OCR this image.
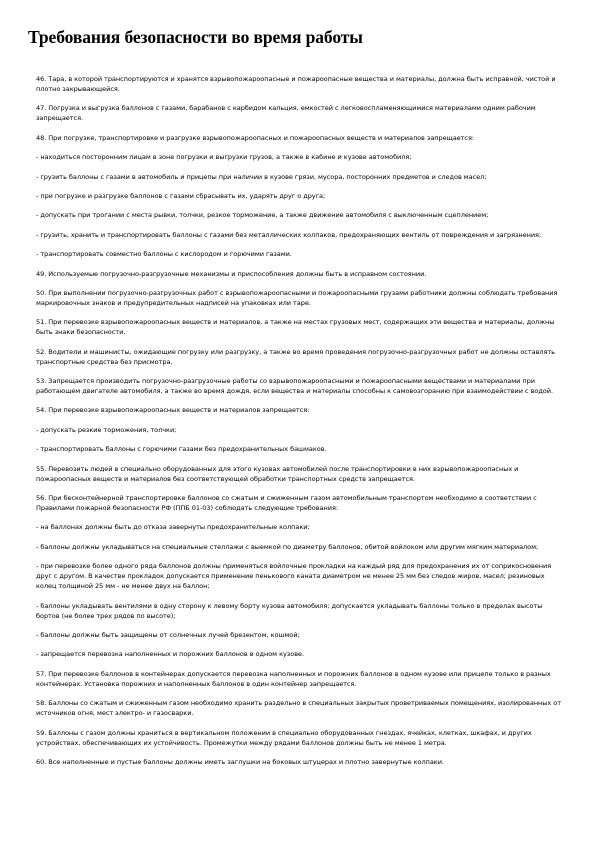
Требования безопасности во время работы

46. Тара, в которой транспортируются и хранятся взрывопожароопасные и пожароопасные вещества и материалы, должна быть исправной, чистой и плотно закрывающейся.

47. Погрузка и выгрузка баллонов с газами, барабанов с карбидом кальция, емкостей с легковоспламеняющимися материалами одним рабочим запрещается.

48. При погрузке, транспортировке и разгрузке взрывопожароопасных и пожароопасных веществ и материалов запрещается:

- находиться посторонним лицам в зоне погрузки и выгрузки грузов, а также в кабине и кузове автомобиля;

- грузить баллоны с газами в автомобиль и прицепы при наличии в кузове грязи, мусора, посторонних предметов и следов масел;

- при погрузке и разгрузке баллонов с газами сбрасывать их, ударять друг о друга;

- допускать при трогании с места рывки, толчки, резкое торможение, а также движение автомобиля с выключенным сцеплением;

- грузить, хранить и транспортировать баллоны с газами без металлических колпаков, предохраняющих вентиль от повреждения и загрязнения;

- транспортировать совместно баллоны с кислородом и горючими газами.

49. Используемые погрузочно-разгрузочные механизмы и приспособления должны быть в исправном состоянии.

50. При выполнении погрузочно-разгрузочных работ с взрывопожароопасными и пожароопасными грузами работники должны соблюдать требования маркировочных знаков и предупредительных надписей на упаковках или таре.

51. При перевозке взрывопожароопасных веществ и материалов, а также на местах грузовых мест, содержащих эти вещества и материалы, должны быть знаки безопасности.

52. Водители и машинисты, ожидающие погрузку или разгрузку, а также во время проведения погрузочно-разгрузочных работ не должны оставлять транспортные средства без присмотра.

53. Запрещается производить погрузочно-разгрузочные работы со взрывопожароопасными и пожароопасными веществами и материалами при работающем двигателе автомобиля, а также во время дождя, если вещества и материалы способны к самовозгоранию при взаимодействии с водой.

54. При перевозке взрывопожароопасных веществ и материалов запрещается:

- допускать резкие торможения, толчки;

- транспортировать баллоны с горючими газами без предохранительных башмаков.

55. Перевозить людей в специально оборудованных для этого кузовах автомобилей после транспортировки в них взрывопожароопасных и пожароопасных веществ и материалов без соответствующей обработки транспортных средств запрещается.

56. При бесконтейнерной транспортировке баллонов со сжатым и сжиженным газом автомобильным транспортом необходимо в соответствии с Правилами пожарной безопасности РФ (ППБ 01-03) соблюдать следующие требования:

- на баллонах должны быть до отказа завернуты предохранительные колпаки;

- баллоны должны укладываться на специальные стеллажи с выемкой по диаметру баллонов, обитой войлоком или другим мягким материалом;

- при перевозке более одного ряда баллонов должны применяться войлочные прокладки на каждый ряд для предохранения их от соприкосновения друг с другом. В качестве прокладок допускается применение пенькового каната диаметром не менее 25 мм без следов жиров, масел; резиновых колец толщиной 25 мм - не менее двух на баллон;

- баллоны укладывать вентилями в одну сторону к левому борту кузова автомобиля; допускается укладывать баллоны только в пределах высоты бортов (не более трех рядов по высоте);

- баллоны должны быть защищены от солнечных лучей брезентом, кошмой;

- запрещается перевозка наполненных и порожних баллонов в одном кузове.

57. При перевозке баллонов в контейнерах допускается перевозка наполненных и порожних баллонов в одном кузове или прицепе только в разных контейнерах. Установка порожних и наполненных баллонов в один контейнер запрещается.

58. Баллоны со сжатым и сжиженным газом необходимо хранить раздельно в специальных закрытых проветриваемых помещениях, изолированных от источников огня, мест электро- и газосварки.

59. Баллоны с газом должны храниться в вертикальном положении в специально оборудованных гнездах, ячейках, клетках, шкафах, и других устройствах, обеспечивающих их устойчивость. Промежутки между рядами баллонов должны быть не менее 1 метра.

60. Все наполненные и пустые баллоны должны иметь заглушки на боковых штуцерах и плотно завернутые колпаки.
